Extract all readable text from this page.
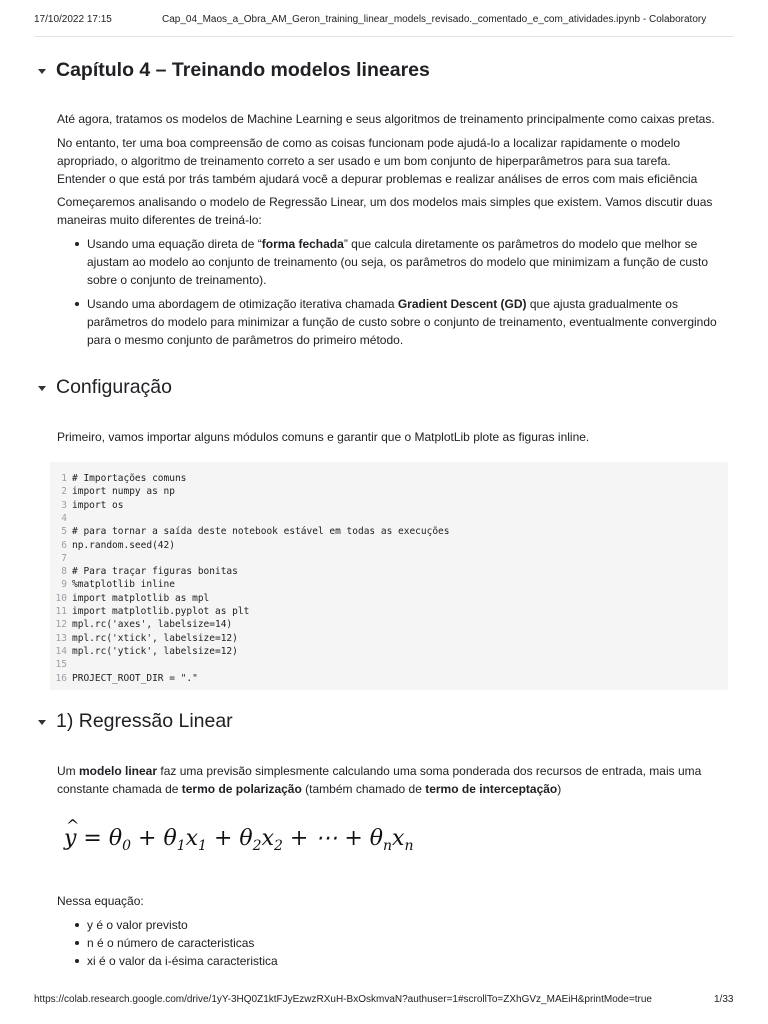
17/10/2022 17:15	Cap_04_Maos_a_Obra_AM_Geron_training_linear_models_revisado._comentado_e_com_atividades.ipynb - Colaboratory
Capítulo 4 – Treinando modelos lineares
Até agora, tratamos os modelos de Machine Learning e seus algoritmos de treinamento principalmente como caixas pretas.
No entanto, ter uma boa compreensão de como as coisas funcionam pode ajudá-lo a localizar rapidamente o modelo apropriado, o algoritmo de treinamento correto a ser usado e um bom conjunto de hiperparâmetros para sua tarefa. Entender o que está por trás também ajudará você a depurar problemas e realizar análises de erros com mais eficiência
Começaremos analisando o modelo de Regressão Linear, um dos modelos mais simples que existem. Vamos discutir duas maneiras muito diferentes de treiná-lo:
Usando uma equação direta de “forma fechada” que calcula diretamente os parâmetros do modelo que melhor se ajustam ao modelo ao conjunto de treinamento (ou seja, os parâmetros do modelo que minimizam a função de custo sobre o conjunto de treinamento).
Usando uma abordagem de otimização iterativa chamada Gradient Descent (GD) que ajusta gradualmente os parâmetros do modelo para minimizar a função de custo sobre o conjunto de treinamento, eventualmente convergindo para o mesmo conjunto de parâmetros do primeiro método.
Configuração
Primeiro, vamos importar alguns módulos comuns e garantir que o MatplotLib plote as figuras inline.
1 # Importações comuns
2 import numpy as np
3 import os
4
5 # para tornar a saída deste notebook estável em todas as execuções
6 np.random.seed(42)
7
8 # Para traçar figuras bonitas
9 %matplotlib inline
10 import matplotlib as mpl
11 import matplotlib.pyplot as plt
12 mpl.rc('axes', labelsize=14)
13 mpl.rc('xtick', labelsize=12)
14 mpl.rc('ytick', labelsize=12)
15
16 PROJECT_ROOT_DIR = "."
1) Regressão Linear
Um modelo linear faz uma previsão simplesmente calculando uma soma ponderada dos recursos de entrada, mais uma constante chamada de termo de polarização (também chamado de termo de interceptação)
^ $y = \theta_0 + \theta_1x_1 + \theta_2x_2$ + ⋯ + $\theta_nx_n$
Nessa equação:
y é o valor previsto
n é o número de caracteristicas
xi é o valor da i-ésima caracteristica
https://colab.research.google.com/drive/1yY-3HQ0Z1ktFJyEzwzRXuH-BxOskmvaN?authuser=1#scrollTo=ZXhGVz_MAEiH&printMode=true	1/33
